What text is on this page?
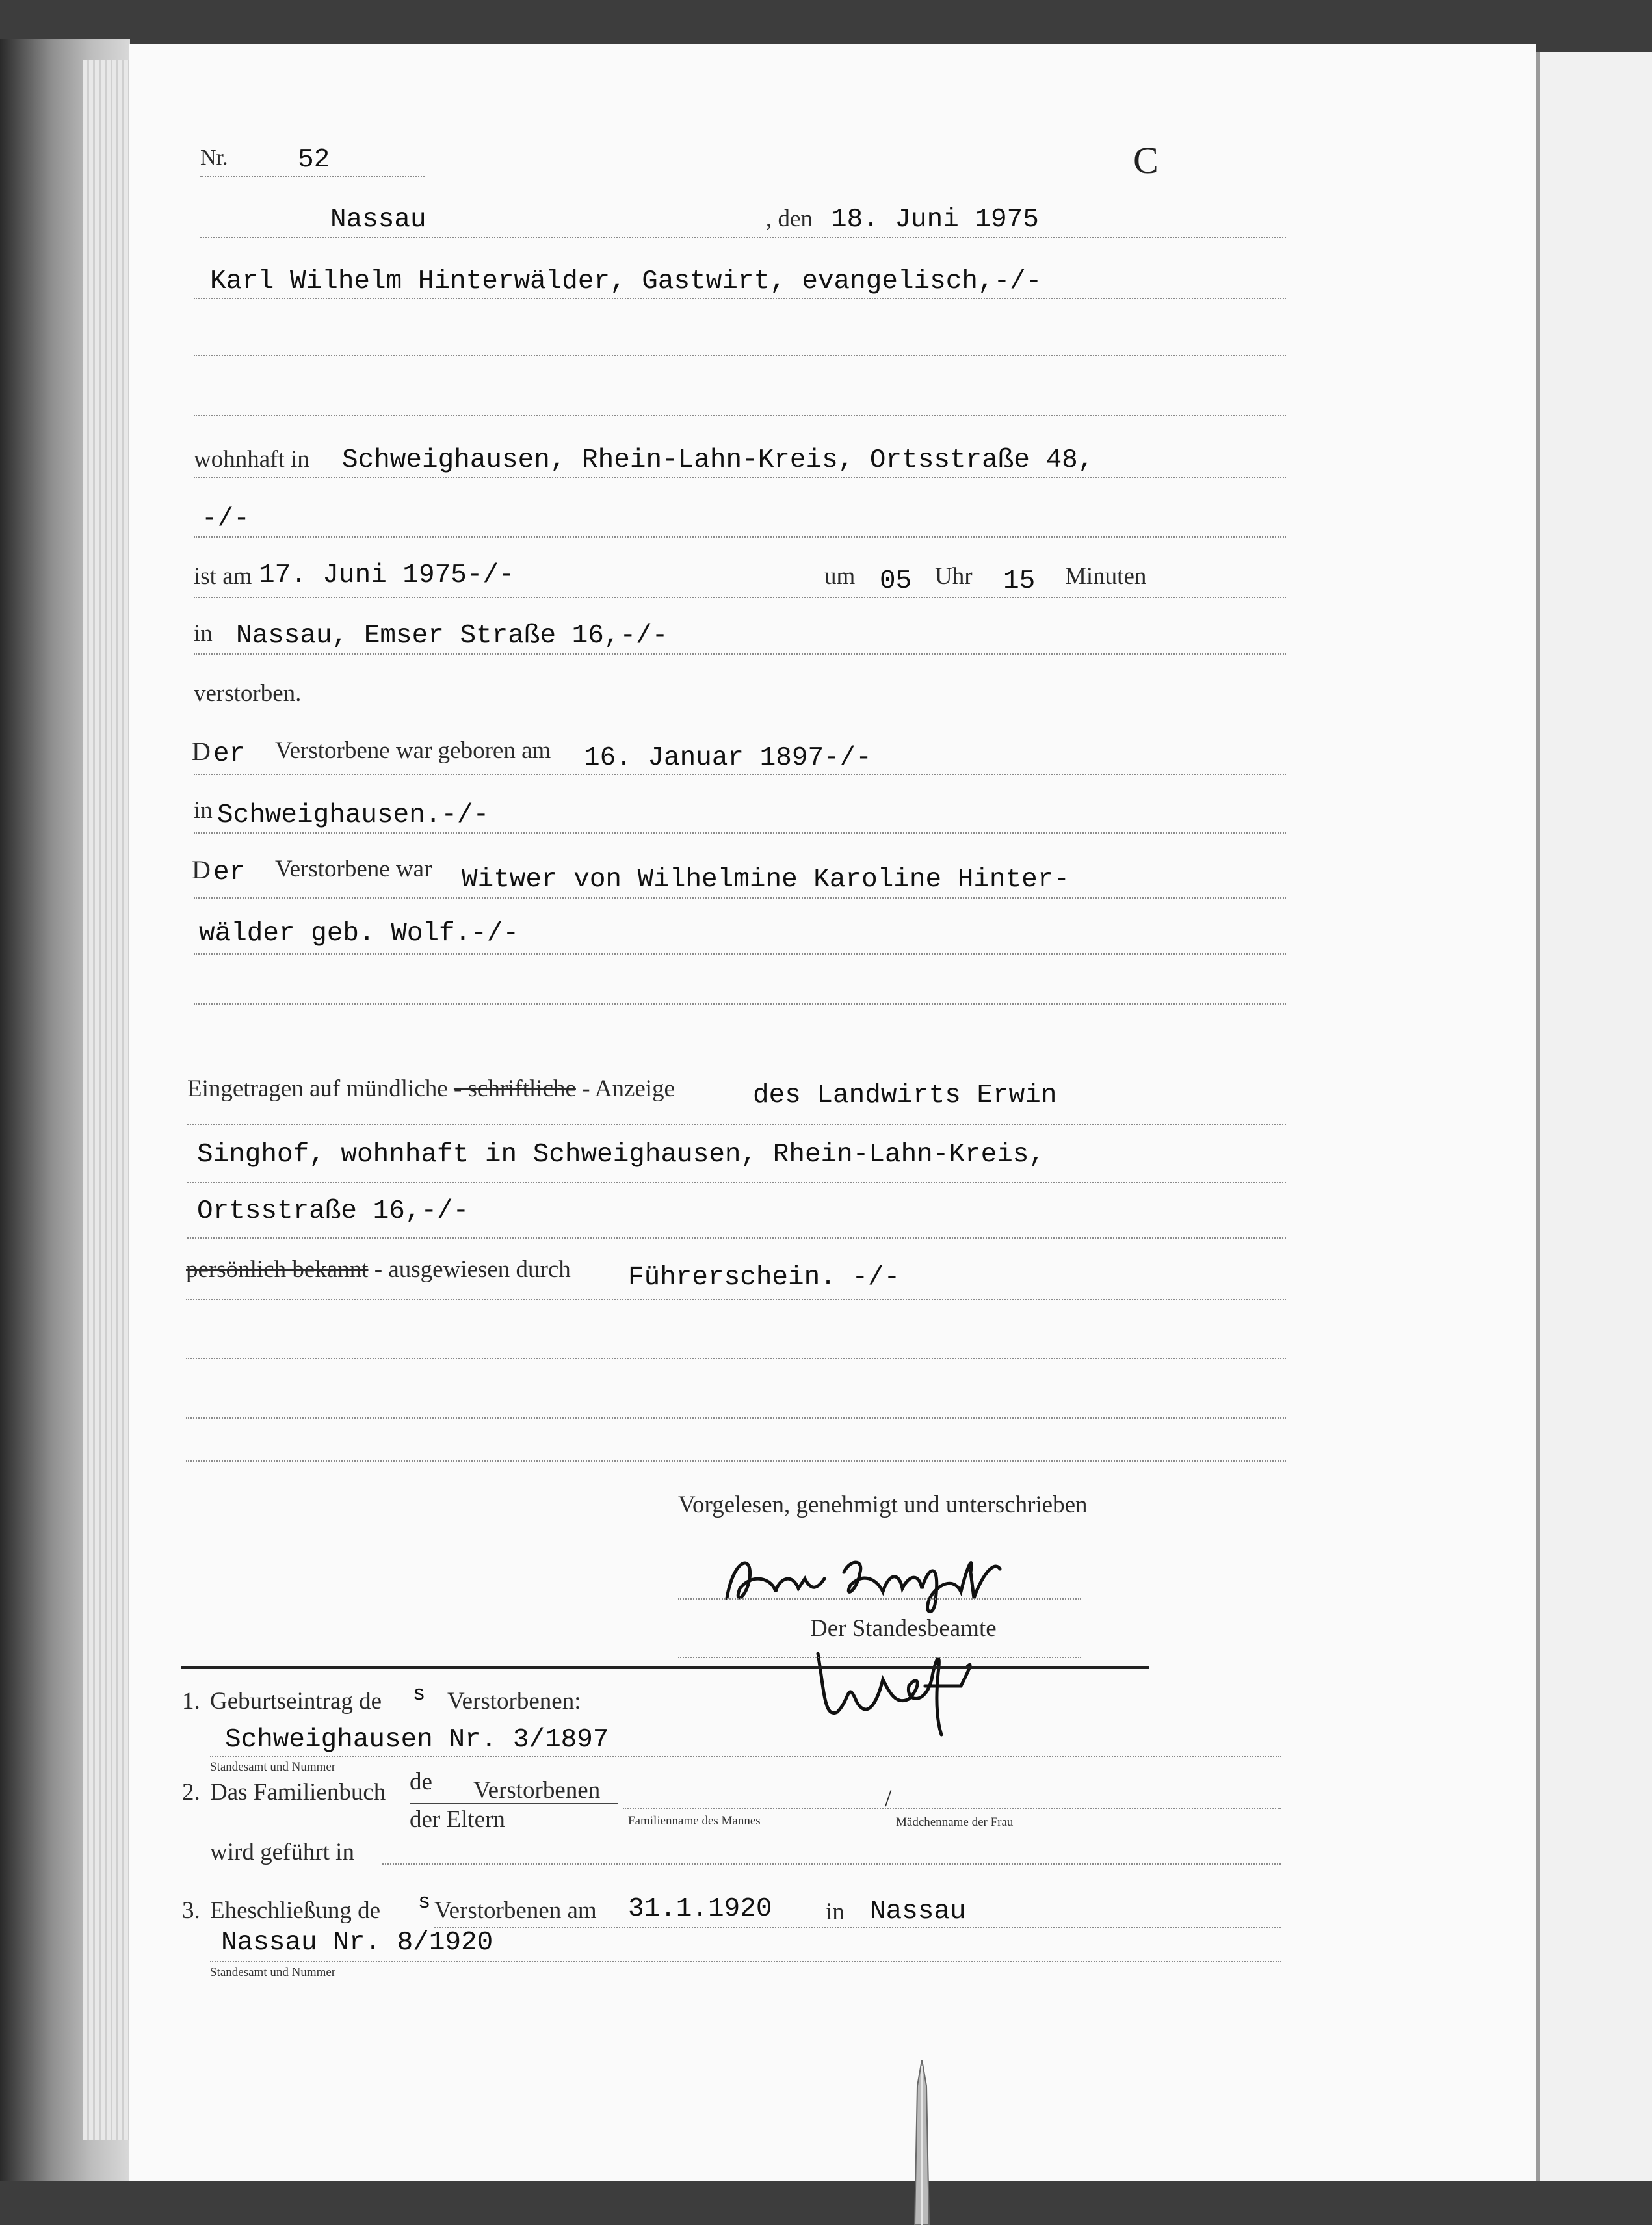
Nr.	52	C
Nassau	, den 18. Juni 1975
Karl Wilhelm Hinterwälder, Gastwirt, evangelisch,-/-
wohnhaft in Schweighausen, Rhein-Lahn-Kreis, Ortsstraße 48,
-/-
ist am 17. Juni 1975-/-	um 05 Uhr 15 Minuten
in Nassau, Emser Straße 16,-/-
verstorben.
D er Verstorbene war geboren am 16. Januar 1897-/-
in Schweighausen.-/-
D er Verstorbene war Witwer von Wilhelmine Karoline Hinter-
wälder geb. Wolf.-/-
Eingetragen auf mündliche - schriftliche - Anzeige	des Landwirts Erwin
Singhof, wohnhaft in Schweighausen, Rhein-Lahn-Kreis,
Ortsstraße 16,-/-
persönlich bekannt - ausgewiesen durch Führerschein. -/-
Vorgelesen, genehmigt und unterschrieben
Der Standesbeamte
1. Geburtseintrag de s Verstorbenen:
Schweighausen Nr. 3/1897
Standesamt und Nummer
2. Das Familienbuch de Verstorbenen
der Eltern	Familienname des Mannes
/
Mädchenname der Frau
wird geführt in
3. Eheschließung de s Verstorbenen am 31.1.1920 in Nassau
Nassau Nr. 8/1920
Standesamt und Nummer
